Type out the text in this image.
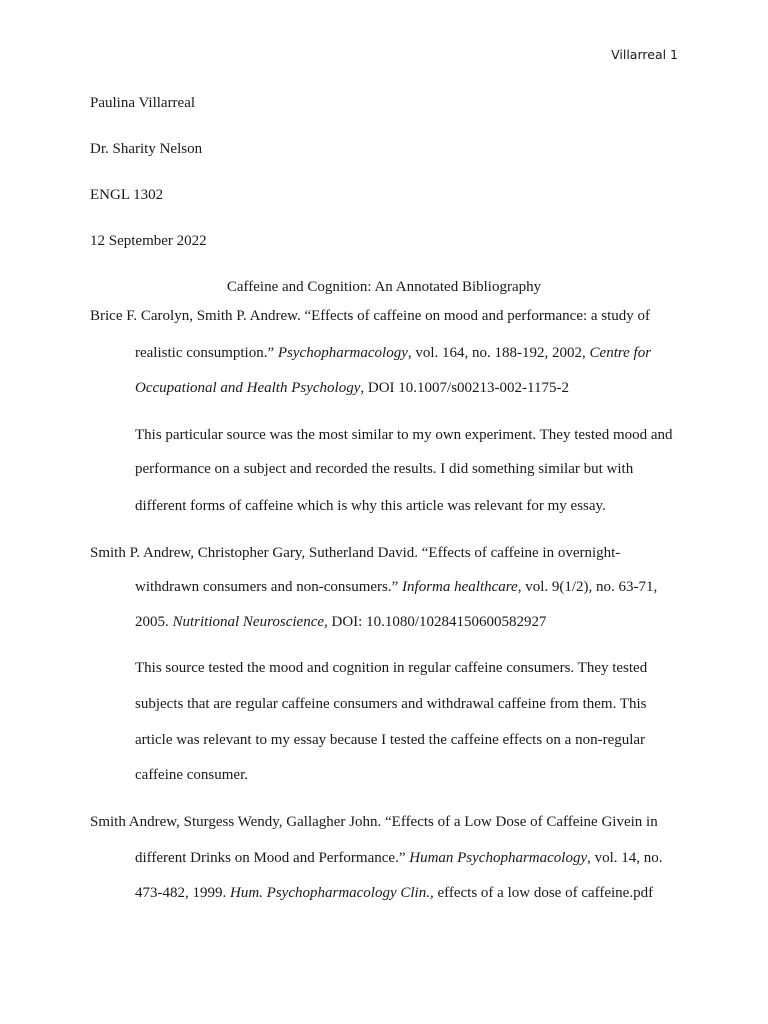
Villarreal 1
Paulina Villarreal
Dr. Sharity Nelson
ENGL 1302
12 September 2022
Caffeine and Cognition: An Annotated Bibliography
Brice F. Carolyn, Smith P. Andrew. “Effects of caffeine on mood and performance: a study of
realistic consumption.” Psychopharmacology, vol. 164, no. 188-192, 2002, Centre for
Occupational and Health Psychology, DOI 10.1007/s00213-002-1175-2
This particular source was the most similar to my own experiment. They tested mood and
performance on a subject and recorded the results. I did something similar but with
different forms of caffeine which is why this article was relevant for my essay.
Smith P. Andrew, Christopher Gary, Sutherland David. “Effects of caffeine in overnight-
withdrawn consumers and non-consumers.” Informa healthcare, vol. 9(1/2), no. 63-71,
2005. Nutritional Neuroscience, DOI: 10.1080/10284150600582927
This source tested the mood and cognition in regular caffeine consumers. They tested
subjects that are regular caffeine consumers and withdrawal caffeine from them. This
article was relevant to my essay because I tested the caffeine effects on a non-regular
caffeine consumer.
Smith Andrew, Sturgess Wendy, Gallagher John. “Effects of a Low Dose of Caffeine Givein in
different Drinks on Mood and Performance.” Human Psychopharmacology, vol. 14, no.
473-482, 1999. Hum. Psychopharmacology Clin., effects of a low dose of caffeine.pdf
